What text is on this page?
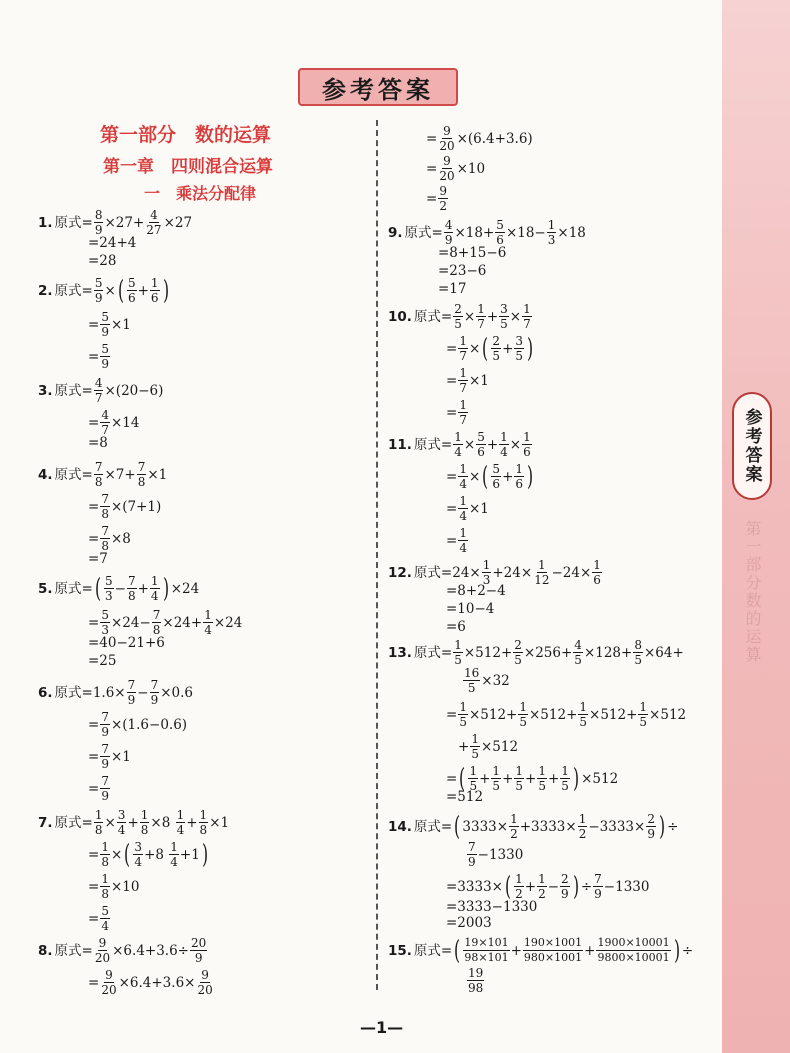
参考答案
第一部分数的运算
参考答案
第一部分　数的运算
第一章　四则混合运算
一　乘法分配律
1. 原式= $\frac{8}{9} \times 27+ \frac{4}{27} \times 27$
=24+4
=28
2. 原式= $\frac{5}{9}$ × ( $\frac{5}{6} + \frac{1}{6}$ )
= $\frac{5}{9} \times 1$
= $\frac{5}{9}$
3. 原式= $\frac{4}{7} \times(20-6)$
= $\frac{4}{7} \times 14$
=8
4. 原式= $\frac{7}{8} \times 7+ \frac{7}{8} \times 1$
= $\frac{7}{8} \times(7+1)$
= $\frac{7}{8} \times 8$
=7
5. 原式= ( $\frac{5}{3} - \frac{7}{8} + \frac{1}{4}$ ) ×24
= $\frac{5}{3} \times 24- \frac{7}{8} \times 24+ \frac{1}{4} \times 24$
=40−21+6
=25
6. 原式 $=1.6\times \frac{7}{9} - \frac{7}{9} \times 0.6$
= $\frac{7}{9} \times(1.6-0.6)$
= $\frac{7}{9} \times 1$
= $\frac{7}{9}$
7. 原式= $\frac{1}{8} \times \frac{3}{4} + \frac{1}{8} \times 8$
$\frac{1}{4} + \frac{1}{8} \times 1$
= $\frac{1}{8}$ × ( $\frac{3}{4} +8$
$\frac{1}{4} +1$ )
= $\frac{1}{8} \times 10$
= $\frac{5}{4}$
8. 原式= $\frac{9}{20} \times 6.4+3.6\div \frac{20}{9}$
= $\frac{9}{20} \times 6.4+3.6\times \frac{9}{20}$
= $\frac{9}{20} \times(6.4+3.6)$
= $\frac{9}{20} \times 10$
= $\frac{9}{2}$
9. 原式= $\frac{4}{9} \times 18+ \frac{5}{6} \times 18- \frac{1}{3} \times 18$
=8+15−6
=23−6
=17
10. 原式= $\frac{2}{5} \times \frac{1}{7} + \frac{3}{5} \times \frac{1}{7}$
= $\frac{1}{7}$ × ( $\frac{2}{5} + \frac{3}{5}$ )
= $\frac{1}{7} \times 1$
= $\frac{1}{7}$
11. 原式= $\frac{1}{4} \times \frac{5}{6} + \frac{1}{4} \times \frac{1}{6}$
= $\frac{1}{4}$ × ( $\frac{5}{6} + \frac{1}{6}$ )
= $\frac{1}{4} \times 1$
= $\frac{1}{4}$
12. 原式 $=24\times \frac{1}{3} +24\times \frac{1}{12} -24\times \frac{1}{6}$
=8+2−4
=10−4
=6
13. 原式= $\frac{1}{5} \times 512+ \frac{2}{5} \times 256+ \frac{4}{5} \times 128+ \frac{8}{5} \times 64+$
$\frac{16}{5} \times 32$
= $\frac{1}{5} \times 512+ \frac{1}{5} \times 512+ \frac{1}{5} \times 512+ \frac{1}{5} \times 512$
+ $\frac{1}{5} \times 512$
= ( $\frac{1}{5} + \frac{1}{5} + \frac{1}{5} + \frac{1}{5} + \frac{1}{5}$ ) ×512
=512
14. 原式= ( $3333\times \frac{1}{2} +3333\times \frac{1}{2} -3333\times \frac{2}{9}$ ) ÷
$\frac{7}{9} -1330$
=3333× ( $\frac{1}{2} + \frac{1}{2} - \frac{2}{9}$ ) ÷ $\frac{7}{9} -1330$
=3333−1330
=2003
15. 原式= ( $\frac{19\times 101}{98\times 101} + \frac{190\times 1001}{980\times 1001} + \frac{1900\times 10001}{9800\times 10001}$ ) ÷
$\frac{19}{98}$
—1—
